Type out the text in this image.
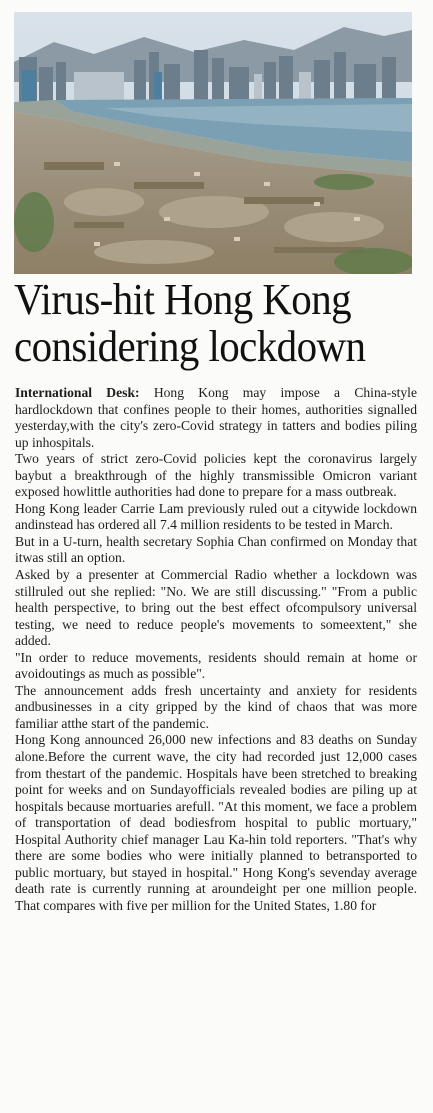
Virus-hit Hong Kong
considering lockdown

International Desk: Hong Kong may impose a China-style hardlockdown that confines people to their homes, authorities signalled yesterday,with the city's zero-Covid strategy in tatters and bodies piling up inhospitals.

Two years of strict zero-Covid policies kept the coronavirus largely baybut a breakthrough of the highly transmissible Omicron variant exposed howlittle authorities had done to prepare for a mass outbreak.

Hong Kong leader Carrie Lam previously ruled out a citywide lockdown andinstead has ordered all 7.4 million residents to be tested in March.

But in a U-turn, health secretary Sophia Chan confirmed on Monday that itwas still an option.

Asked by a presenter at Commercial Radio whether a lockdown was stillruled out she replied: "No. We are still discussing." "From a public health perspective, to bring out the best effect ofcompulsory universal testing, we need to reduce people's movements to someextent," she added.

"In order to reduce movements, residents should remain at home or avoidoutings as much as possible".

The announcement adds fresh uncertainty and anxiety for residents andbusinesses in a city gripped by the kind of chaos that was more familiar atthe start of the pandemic.

Hong Kong announced 26,000 new infections and 83 deaths on Sunday alone.Before the current wave, the city had recorded just 12,000 cases from thestart of the pandemic. Hospitals have been stretched to breaking point for weeks and on Sundayofficials revealed bodies are piling up at hospitals because mortuaries arefull. "At this moment, we face a problem of transportation of dead bodiesfrom hospital to public mortuary," Hospital Authority chief manager Lau Ka-hin told reporters. "That's why there are some bodies who were initially planned to betransported to public mortuary, but stayed in hospital." Hong Kong's sevenday average death rate is currently running at aroundeight per one million people. That compares with five per million for the United States, 1.80 for
